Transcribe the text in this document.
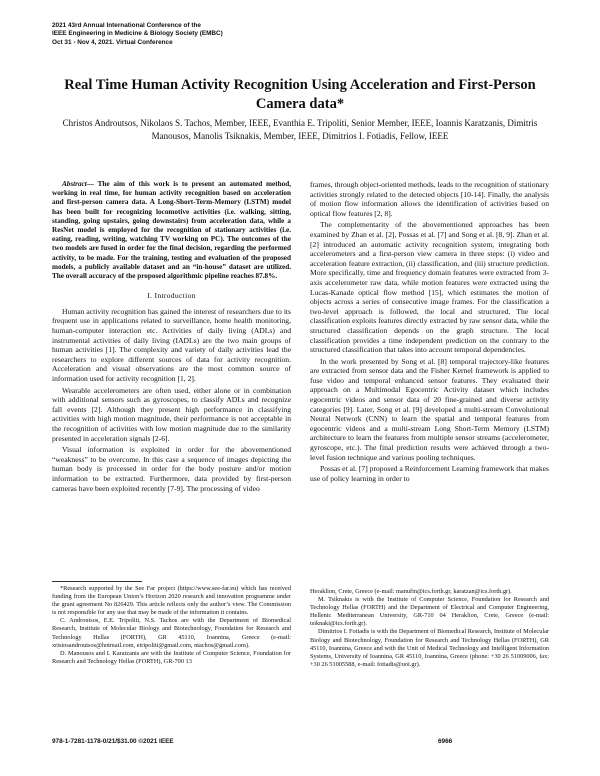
2021 43rd Annual International Conference of the
IEEE Engineering in Medicine & Biology Society (EMBC)
Oct 31 - Nov 4, 2021. Virtual Conference
Real Time Human Activity Recognition Using Acceleration and First-Person Camera data*
Christos Androutsos, Nikolaos S. Tachos, Member, IEEE, Evanthia E. Tripoliti, Senior Member, IEEE, Ioannis Karatzanis, Dimitris Manousos, Manolis Tsiknakis, Member, IEEE, Dimitrios I. Fotiadis, Fellow, IEEE

Abstract— The aim of this work is to present an automated method, working in real time, for human activity recognition based on acceleration and first-person camera data. A Long-Short-Term-Memory (LSTM) model has been built for recognizing locomotive activities (i.e. walking, sitting, standing, going upstairs, going downstairs) from acceleration data, while a ResNet model is employed for the recognition of stationary activities (i.e. eating, reading, writing, watching TV working on PC). The outcomes of the two models are fused in order for the final decision, regarding the performed activity, to be made. For the training, testing and evaluation of the proposed models, a publicly available dataset and an “in-house” dataset are utilized. The overall accuracy of the proposed algorithmic pipeline reaches 87.8%.

I. Introduction

Human activity recognition has gained the interest of researchers due to its frequent use in applications related to surveillance, home health monitoring, human-computer interaction etc. Activities of daily living (ADLs) and instrumental activities of daily living (IADLs) are the two main groups of human activities [1]. The complexity and variety of daily activities lead the researchers to explore different sources of data for activity recognition. Acceleration and visual observations are the most common source of information used for activity recognition [1, 2].

Wearable accelerometers are often used, either alone or in combination with additional sensors such as gyroscopes, to classify ADLs and recognize fall events [2]. Although they present high performance in classifying activities with high motion magnitude, their performance is not acceptable in the recognition of activities with low motion magnitude due to the similarity presented in acceleration signals [2-6].

Visual information is exploited in order for the abovementioned “weakness” to be overcome. In this case a sequence of images depicting the human body is processed in order for the body posture and/or motion information to be extracted. Furthermore, data provided by first-person cameras have been exploited recently [7-9]. The processing of video

frames, through object-oriented methods, leads to the recognition of stationary activities strongly related to the detected objects [10-14]. Finally, the analysis of motion flow information allows the identification of activities based on optical flow features [2, 8].

The complementarity of the abovementioned approaches has been examined by Zhan et al. [2], Possas et al. [7] and Song et al. [8, 9]. Zhan et al. [2] introduced an automatic activity recognition system, integrating both accelerometers and a first-person view camera in three steps: (i) video and acceleration feature extraction, (ii) classification, and (iii) structure prediction. More specifically, time and frequency domain features were extracted from 3-axis accelerometer raw data, while motion features were extracted using the Lucas-Kanade optical flow method [15], which estimates the motion of objects across a series of consecutive image frames. For the classification a two-level approach is followed, the local and structured. The local classification exploits features directly extracted by raw sensor data, while the structured classification depends on the graph structure. The local classification provides a time independent prediction on the contrary to the structured classification that takes into account temporal dependencies.

In the work presented by Song et al. [8] temporal trajectory-like features are extracted from sensor data and the Fisher Kernel framework is applied to fuse video and temporal enhanced sensor features. They evaluated their approach on a Multimodal Egocentric Activity dataset which includes egocentric videos and sensor data of 20 fine-grained and diverse activity categories [9]. Later, Song et al. [9] developed a multi-stream Convolutional Neural Network (CNN) to learn the spatial and temporal features from egocentric videos and a multi-stream Long Short-Term Memory (LSTM) architecture to learn the features from multiple sensor streams (accelerometer, gyroscope, etc.). The final prediction results were achieved through a two-level fusion technique and various pooling techniques.

Possas et al. [7] proposed a Reinforcement Learning framework that makes use of policy learning in order to

*Research supported by the See Far project (https://www.see-far.eu) which has received funding from the European Union’s Horizon 2020 research and innovation programme under the grant agreement No 826429. This article reflects only the author’s view. The Commission is not responsible for any use that may be made of the information it contains.

C. Androutsos, E.E. Tripoliti, N.S. Tachos are with the Department of Biomedical Research, Institute of Molecular Biology and Biotechnology, Foundation for Research and Technology Hellas (FORTH), GR 45110, Ioannina, Greece (e-mail: xristosandroutsos@hotmail.com, etripoliti@gmail.com, ntachos@gmail.com).

D. Manousos and I. Karatzanis are with the Institute of Computer Science, Foundation for Research and Technology Hellas (FORTH), GR-700 13

Heraklion, Crete, Greece (e-mail: manufin@ics.forth.gr, karatzan@ics.forth.gr).

M. Tsiknakis is with the Institute of Computer Science, Foundation for Research and Technology Hellas (FORTH) and the Department of Electrical and Computer Engineering, Hellenic Mediterranean University, GR-710 04 Heraklion, Crete, Greece (e-mail: tsiknaki@ics.forth.gr).

Dimitrios I. Fotiadis is with the Department of Biomedical Research, Institute of Molecular Biology and Biotechnology, Foundation for Research and Technology Hellas (FORTH), GR 45110, Ioannina, Greece and with the Unit of Medical Technology and Intelligent Information Systems, University of Ioannina, GR 45110, Ioannina, Greece (phone: +30 26 51009006, fax: +30 26 51005588, e-mail: fotiadis@uoi.gr).

978-1-7281-1178-0/21/$31.00 ©2021 IEEE	6966
